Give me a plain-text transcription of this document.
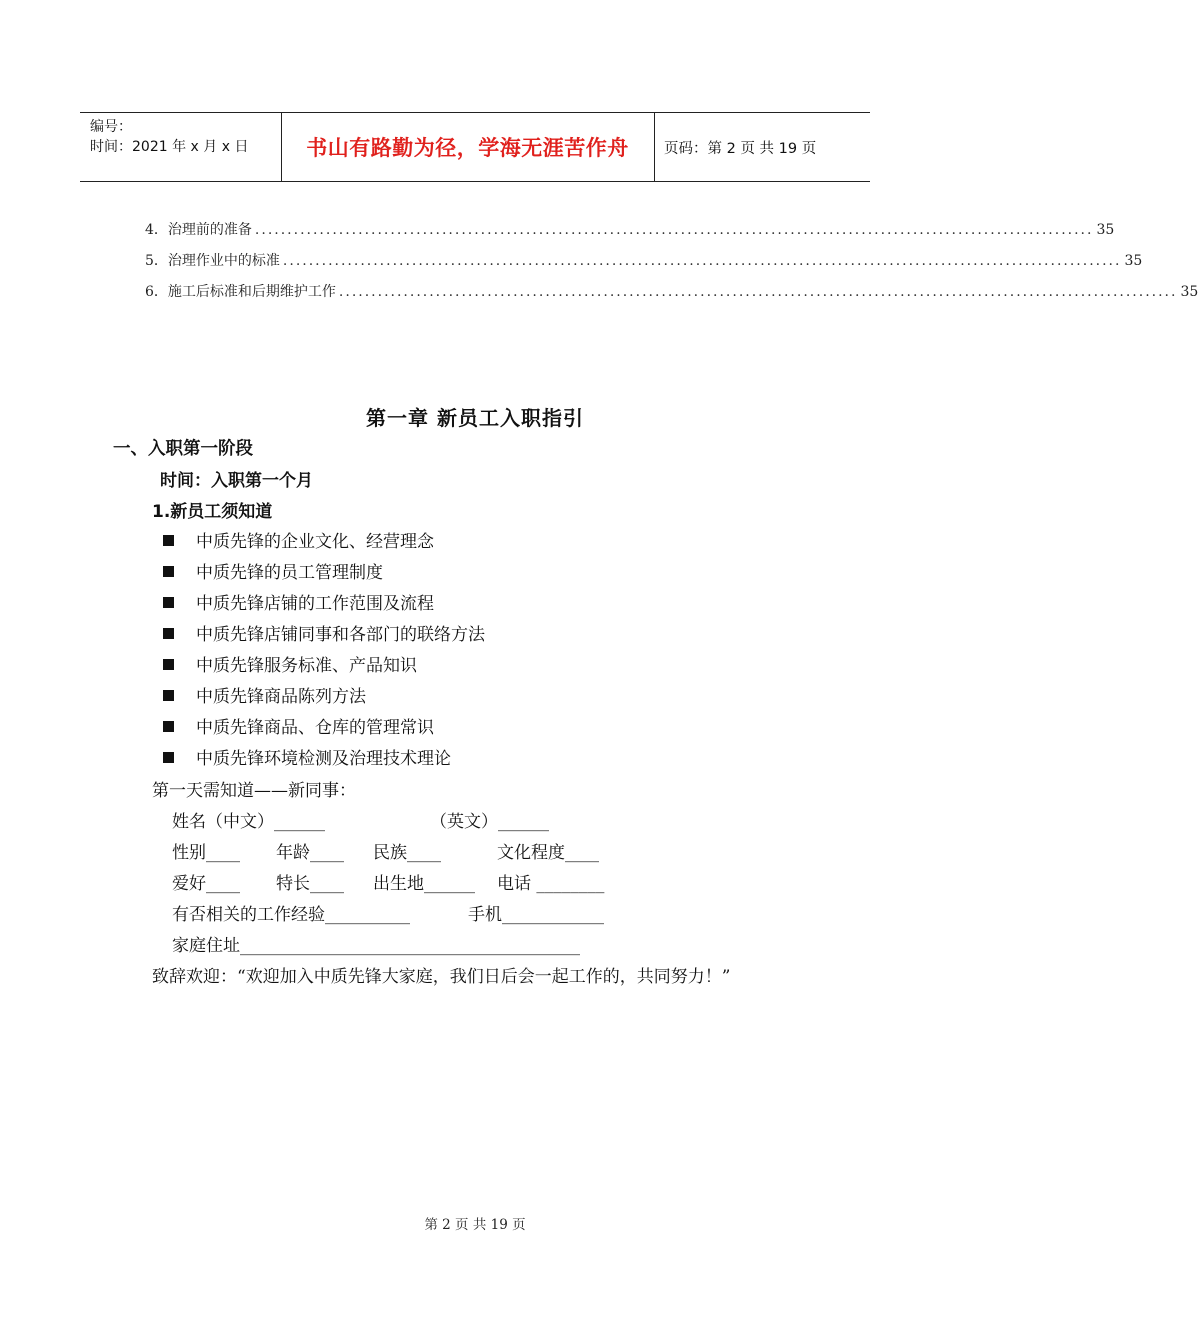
编号：
时间：2021 年 x 月 x 日	书山有路勤为径，学海无涯苦作舟	页码：第 2 页 共 19 页
4．治理前的准备 .................................................................................................................................. 35
5．治理作业中的标准 .................................................................................................................................. 35
6．施工后标准和后期维护工作 .................................................................................................................................. 35
第一章 新员工入职指引
一、入职第一阶段
时间：入职第一个月
1.新员工须知道
中质先锋的企业文化、经营理念
中质先锋的员工管理制度
中质先锋店铺的工作范围及流程
中质先锋店铺同事和各部门的联络方法
中质先锋服务标准、产品知识
中质先锋商品陈列方法
中质先锋商品、仓库的管理常识
中质先锋环境检测及治理技术理论
第一天需知道——新同事：
姓名（中文）______	（英文）______
性别____ 年龄____ 民族____	文化程度____
爱好____ 特长____ 出生地______ 电话 ________
有否相关的工作经验__________	手机____________
家庭住址________________________________________
致辞欢迎：“欢迎加入中质先锋大家庭，我们日后会一起工作的，共同努力！”
第 2 页 共 19 页
